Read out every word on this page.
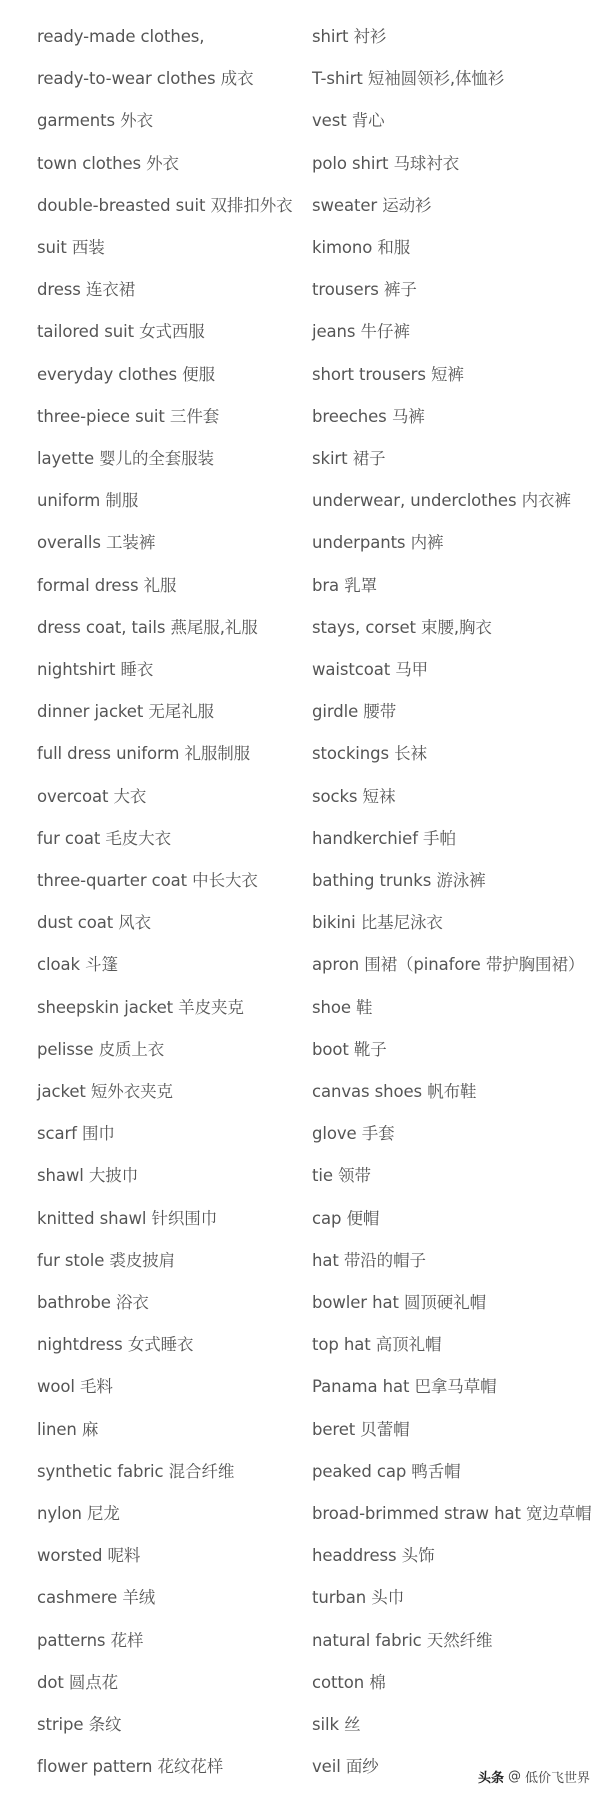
ready-made clothes,
ready-to-wear clothes 成衣
garments 外衣
town clothes 外衣
double-breasted suit 双排扣外衣
suit 西装
dress 连衣裙
tailored suit 女式西服
everyday clothes 便服
three-piece suit 三件套
layette 婴儿的全套服装
uniform 制服
overalls 工装裤
formal dress 礼服
dress coat, tails 燕尾服,礼服
nightshirt 睡衣
dinner jacket 无尾礼服
full dress uniform 礼服制服
overcoat 大衣
fur coat 毛皮大衣
three-quarter coat 中长大衣
dust coat 风衣
cloak 斗篷
sheepskin jacket 羊皮夹克
pelisse 皮质上衣
jacket 短外衣夹克
scarf 围巾
shawl 大披巾
knitted shawl 针织围巾
fur stole 裘皮披肩
bathrobe 浴衣
nightdress 女式睡衣
wool 毛料
linen 麻
synthetic fabric 混合纤维
nylon 尼龙
worsted 呢料
cashmere 羊绒
patterns 花样
dot 圆点花
stripe 条纹
flower pattern 花纹花样
shirt 衬衫
T-shirt 短袖圆领衫,体恤衫
vest 背心
polo shirt 马球衬衣
sweater 运动衫
kimono 和服
trousers 裤子
jeans 牛仔裤
short trousers 短裤
breeches 马裤
skirt 裙子
underwear, underclothes 内衣裤
underpants 内裤
bra 乳罩
stays, corset 束腰,胸衣
waistcoat 马甲
girdle 腰带
stockings 长袜
socks 短袜
handkerchief 手帕
bathing trunks 游泳裤
bikini 比基尼泳衣
apron 围裙（pinafore 带护胸围裙）
shoe 鞋
boot 靴子
canvas shoes 帆布鞋
glove 手套
tie 领带
cap 便帽
hat 带沿的帽子
bowler hat 圆顶硬礼帽
top hat 高顶礼帽
Panama hat 巴拿马草帽
beret 贝蕾帽
peaked cap 鸭舌帽
broad-brimmed straw hat 宽边草帽
headdress 头饰
turban 头巾
natural fabric 天然纤维
cotton 棉
silk 丝
veil 面纱
头条 @ 低价飞世界
